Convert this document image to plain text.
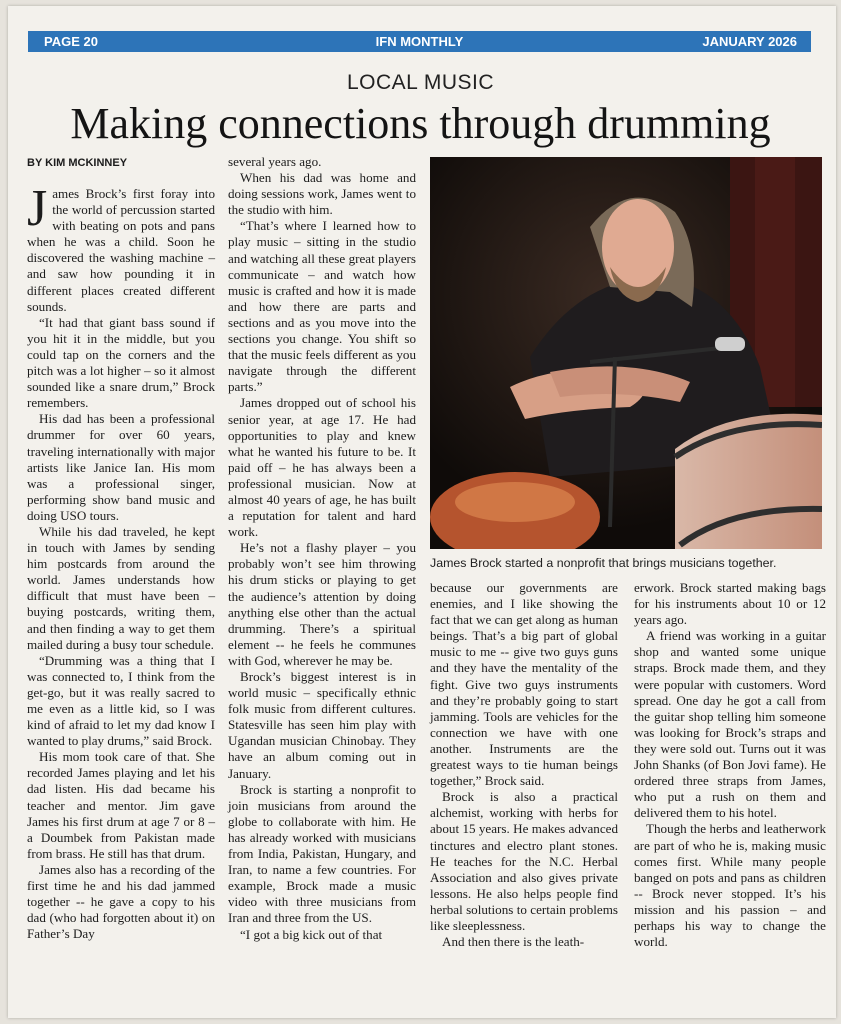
PAGE 20	IFN MONTHLY	JANUARY 2026
LOCAL MUSIC
Making connections through drumming
BY KIM MCKINNEY

James Brock’s first foray into the world of percussion started with beating on pots and pans when he was a child. Soon he discovered the washing machine – and saw how pounding it in different places created different sounds.

“It had that giant bass sound if you hit it in the middle, but you could tap on the corners and the pitch was a lot higher – so it almost sounded like a snare drum,” Brock remembers.

His dad has been a professional drummer for over 60 years, traveling internationally with major artists like Janice Ian. His mom was a professional singer, performing show band music and doing USO tours.

While his dad traveled, he kept in touch with James by sending him postcards from around the world. James understands how difficult that must have been – buying postcards, writing them, and then finding a way to get them mailed during a busy tour schedule.

“Drumming was a thing that I was connected to, I think from the get-go, but it was really sacred to me even as a little kid, so I was kind of afraid to let my dad know I wanted to play drums,” said Brock.

His mom took care of that. She recorded James playing and let his dad listen. His dad became his teacher and mentor. Jim gave James his first drum at age 7 or 8 – a Doumbek from Pakistan made from brass. He still has that drum.

James also has a recording of the first time he and his dad jammed together -- he gave a copy to his dad (who had forgotten about it) on Father’s Day

several years ago.

When his dad was home and doing sessions work, James went to the studio with him.

“That’s where I learned how to play music – sitting in the studio and watching all these great players communicate – and watch how music is crafted and how it is made and how there are parts and sections and as you move into the sections you change. You shift so that the music feels different as you navigate through the different parts.”

James dropped out of school his senior year, at age 17. He had opportunities to play and knew what he wanted his future to be. It paid off – he has always been a professional musician. Now at almost 40 years of age, he has built a reputation for talent and hard work.

He’s not a flashy player – you probably won’t see him throwing his drum sticks or playing to get the audience’s attention by doing anything else other than the actual drumming. There’s a spiritual element -- he feels he communes with God, wherever he may be.

Brock’s biggest interest is in world music – specifically ethnic folk music from different cultures. Statesville has seen him play with Ugandan musician Chinobay. They have an album coming out in January.

Brock is starting a nonprofit to join musicians from around the globe to collaborate with him. He has already worked with musicians from India, Pakistan, Hungary, and Iran, to name a few countries. For example, Brock made a music video with three musicians from Iran and three from the US.

“I got a big kick out of that

James Brock started a nonprofit that brings musicians together.

because our governments are enemies, and I like showing the fact that we can get along as human beings. That’s a big part of global music to me -- give two guys guns and they have the mentality of the fight. Give two guys instruments and they’re probably going to start jamming. Tools are vehicles for the connection we have with one another. Instruments are the greatest ways to tie human beings together,” Brock said.

Brock is also a practical alchemist, working with herbs for about 15 years. He makes advanced tinctures and electro plant stones. He teaches for the N.C. Herbal Association and also gives private lessons. He also helps people find herbal solutions to certain problems like sleeplessness.

And then there is the leath-

erwork. Brock started making bags for his instruments about 10 or 12 years ago.

A friend was working in a guitar shop and wanted some unique straps. Brock made them, and they were popular with customers. Word spread. One day he got a call from the guitar shop telling him someone was looking for Brock’s straps and they were sold out. Turns out it was John Shanks (of Bon Jovi fame). He ordered three straps from James, who put a rush on them and delivered them to his hotel.

Though the herbs and leatherwork are part of who he is, making music comes first. While many people banged on pots and pans as children -- Brock never stopped. It’s his mission and his passion – and perhaps his way to change the world.
